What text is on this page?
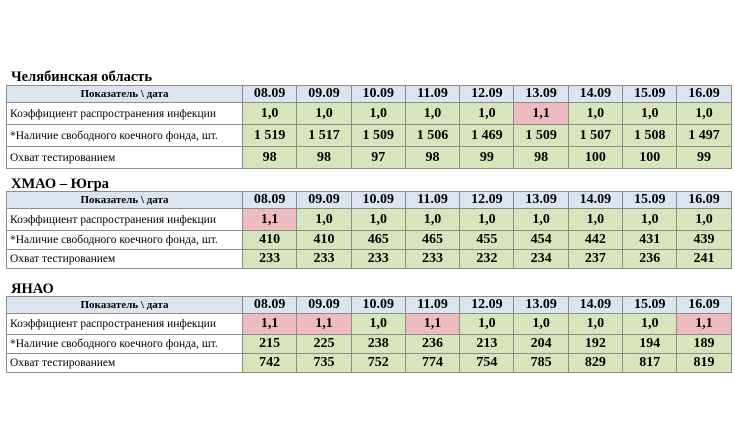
Челябинская область
Показатель \ дата	08.09	09.09	10.09	11.09	12.09	13.09	14.09	15.09	16.09
Коэффициент распространения инфекции	1,0	1,0	1,0	1,0	1,0	1,1	1,0	1,0	1,0
*Наличие свободного коечного фонда, шт.	1 519	1 517	1 509	1 506	1 469	1 509	1 507	1 508	1 497
Охват тестированием	98	98	97	98	99	98	100	100	99
ХМАО – Югра
Показатель \ дата	08.09	09.09	10.09	11.09	12.09	13.09	14.09	15.09	16.09
Коэффициент распространения инфекции	1,1	1,0	1,0	1,0	1,0	1,0	1,0	1,0	1,0
*Наличие свободного коечного фонда, шт.	410	410	465	465	455	454	442	431	439
Охват тестированием	233	233	233	233	232	234	237	236	241
ЯНАО
Показатель \ дата	08.09	09.09	10.09	11.09	12.09	13.09	14.09	15.09	16.09
Коэффициент распространения инфекции	1,1	1,1	1,0	1,1	1,0	1,0	1,0	1,0	1,1
*Наличие свободного коечного фонда, шт.	215	225	238	236	213	204	192	194	189
Охват тестированием	742	735	752	774	754	785	829	817	819
